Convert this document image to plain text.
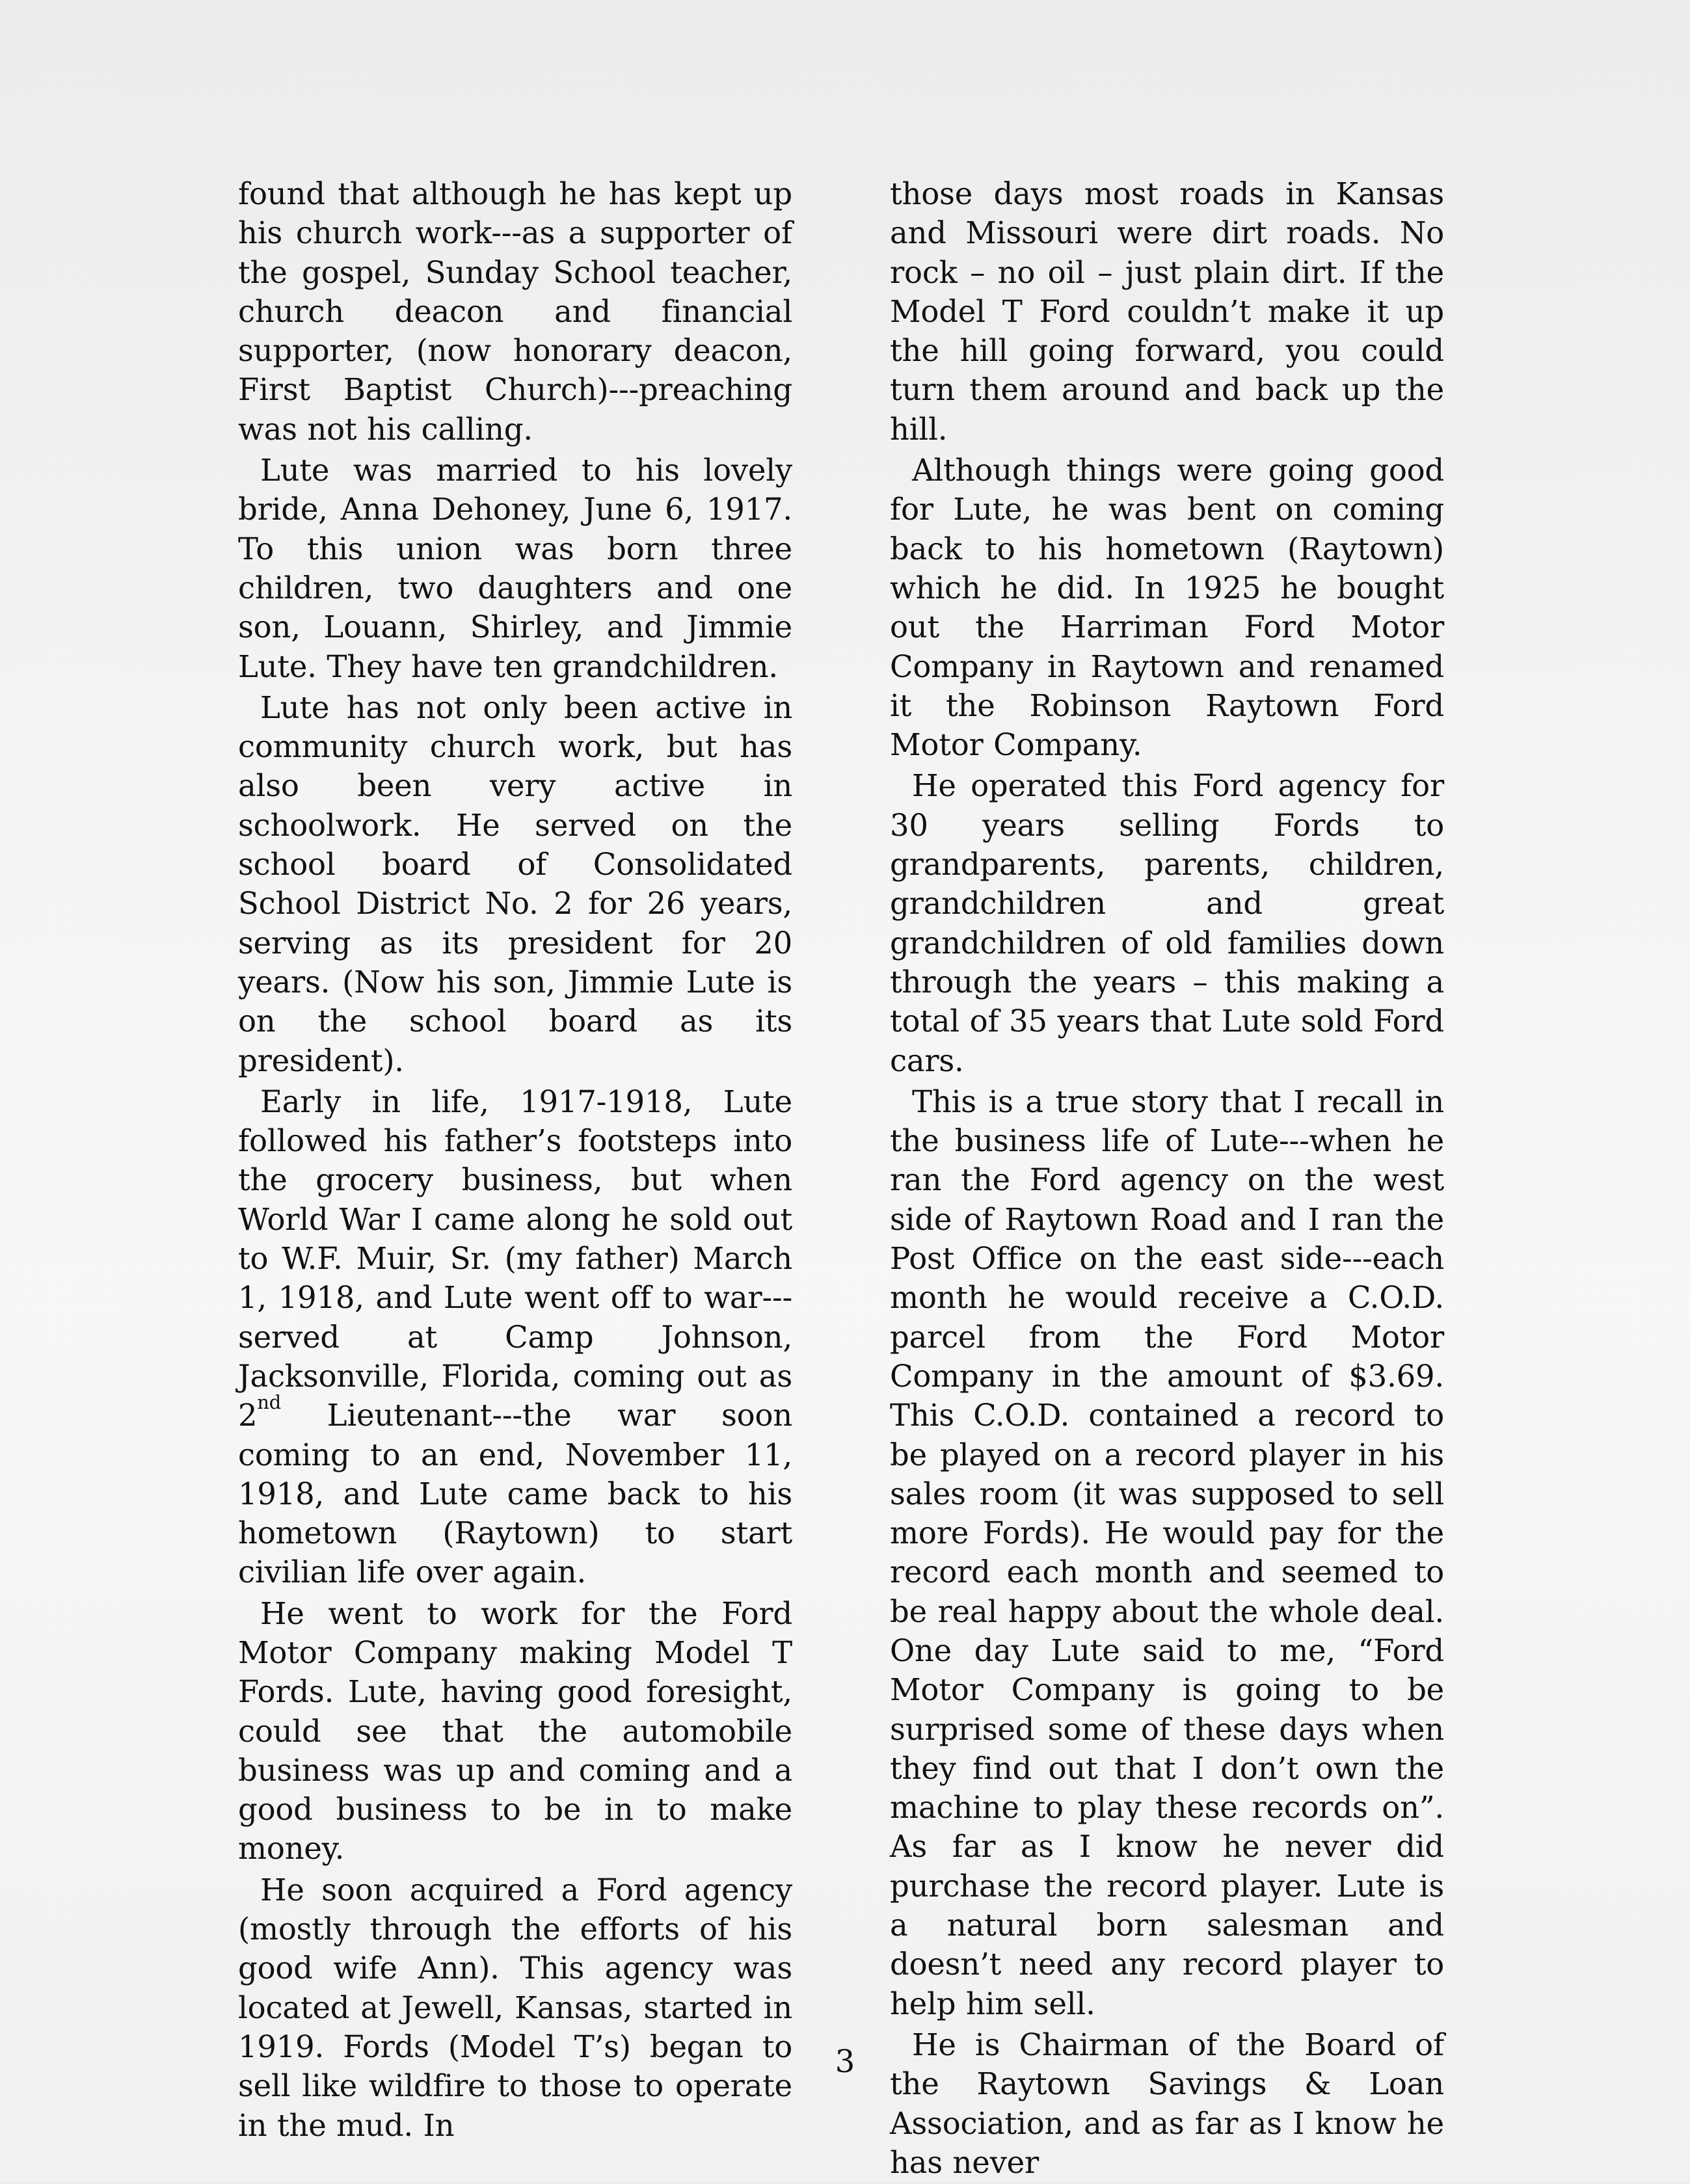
found that although he has kept up his church work---as a supporter of the gospel, Sunday School teacher, church deacon and financial supporter, (now honorary deacon, First Baptist Church)---preaching was not his calling.

Lute was married to his lovely bride, Anna Dehoney, June 6, 1917. To this union was born three children, two daughters and one son, Louann, Shirley, and Jimmie Lute. They have ten grandchildren.

Lute has not only been active in community church work, but has also been very active in schoolwork. He served on the school board of Consolidated School District No. 2 for 26 years, serving as its president for 20 years. (Now his son, Jimmie Lute is on the school board as its president).

Early in life, 1917-1918, Lute followed his father’s footsteps into the grocery business, but when World War I came along he sold out to W.F. Muir, Sr. (my father) March 1, 1918, and Lute went off to war---served at Camp Johnson, Jacksonville, Florida, coming out as 2nd Lieutenant---the war soon coming to an end, November 11, 1918, and Lute came back to his hometown (Raytown) to start civilian life over again.

He went to work for the Ford Motor Company making Model T Fords. Lute, having good foresight, could see that the automobile business was up and coming and a good business to be in to make money.

He soon acquired a Ford agency (mostly through the efforts of his good wife Ann). This agency was located at Jewell, Kansas, started in 1919. Fords (Model T’s) began to sell like wildfire to those to operate in the mud. In

those days most roads in Kansas and Missouri were dirt roads. No rock – no oil – just plain dirt. If the Model T Ford couldn’t make it up the hill going forward, you could turn them around and back up the hill.

Although things were going good for Lute, he was bent on coming back to his hometown (Raytown) which he did. In 1925 he bought out the Harriman Ford Motor Company in Raytown and renamed it the Robinson Raytown Ford Motor Company.

He operated this Ford agency for 30 years selling Fords to grandparents, parents, children, grandchildren and great grandchildren of old families down through the years – this making a total of 35 years that Lute sold Ford cars.

This is a true story that I recall in the business life of Lute---when he ran the Ford agency on the west side of Raytown Road and I ran the Post Office on the east side---each month he would receive a C.O.D. parcel from the Ford Motor Company in the amount of $3.69. This C.O.D. contained a record to be played on a record player in his sales room (it was supposed to sell more Fords). He would pay for the record each month and seemed to be real happy about the whole deal. One day Lute said to me, “Ford Motor Company is going to be surprised some of these days when they find out that I don’t own the machine to play these records on”. As far as I know he never did purchase the record player. Lute is a natural born salesman and doesn’t need any record player to help him sell.

He is Chairman of the Board of the Raytown Savings & Loan Association, and as far as I know he has never

3
